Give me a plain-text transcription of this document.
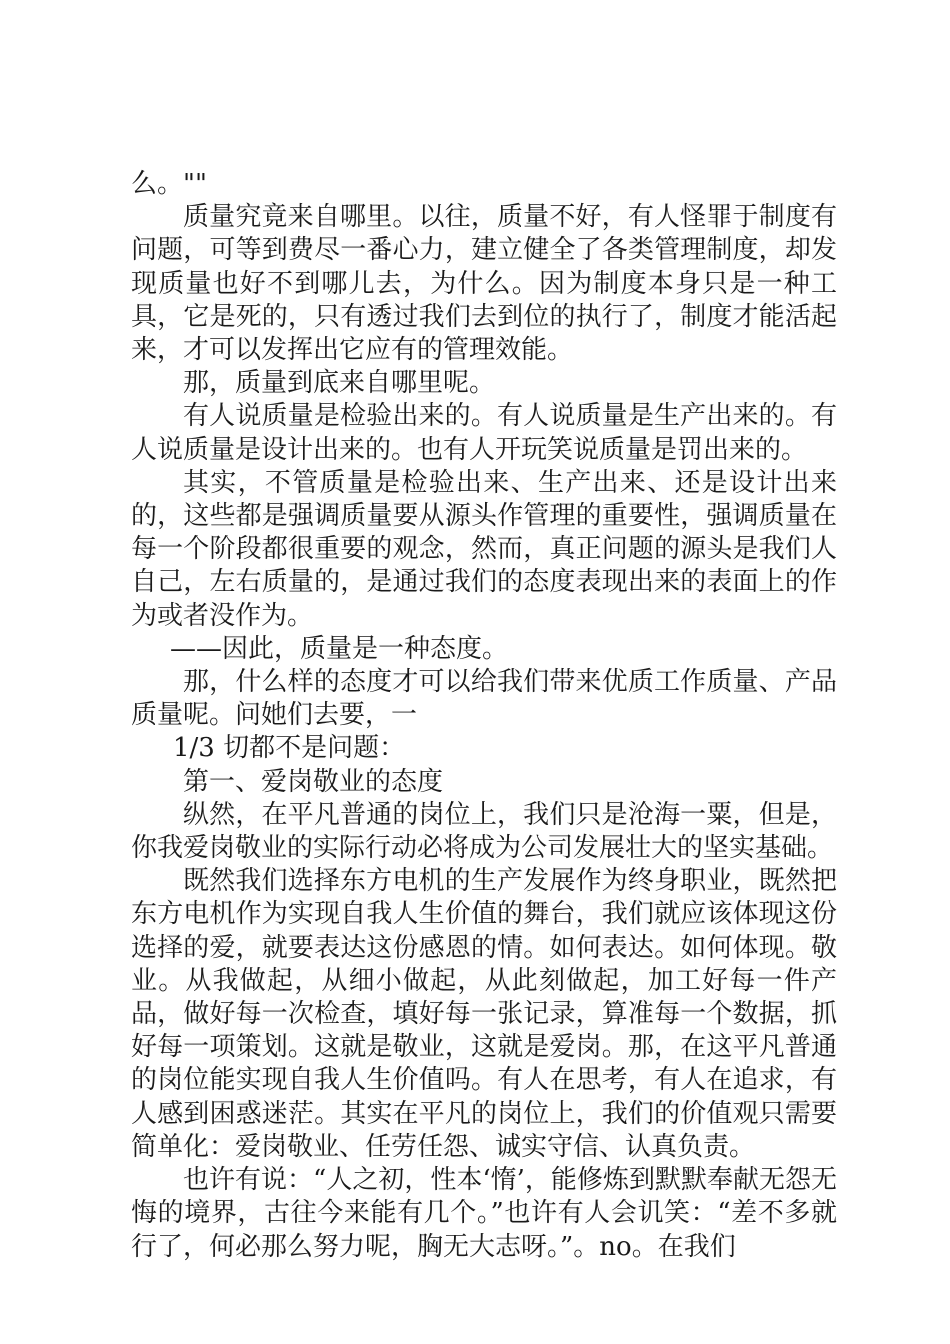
么。""

质量究竟来自哪里。以往，质量不好，有人怪罪于制度有问题，可等到费尽一番心力，建立健全了各类管理制度，却发现质量也好不到哪儿去，为什么。因为制度本身只是一种工具，它是死的，只有透过我们去到位的执行了，制度才能活起来，才可以发挥出它应有的管理效能。

那，质量到底来自哪里呢。

有人说质量是检验出来的。有人说质量是生产出来的。有人说质量是设计出来的。也有人开玩笑说质量是罚出来的。

其实，不管质量是检验出来、生产出来、还是设计出来的，这些都是强调质量要从源头作管理的重要性，强调质量在每一个阶段都很重要的观念，然而，真正问题的源头是我们人自己，左右质量的，是通过我们的态度表现出来的表面上的作为或者没作为。

——因此，质量是一种态度。

那，什么样的态度才可以给我们带来优质工作质量、产品质量呢。问她们去要，一

1/3 切都不是问题：

第一、爱岗敬业的态度

纵然，在平凡普通的岗位上，我们只是沧海一粟，但是，你我爱岗敬业的实际行动必将成为公司发展壮大的坚实基础。

既然我们选择东方电机的生产发展作为终身职业，既然把东方电机作为实现自我人生价值的舞台，我们就应该体现这份选择的爱，就要表达这份感恩的情。如何表达。如何体现。敬业。从我做起，从细小做起，从此刻做起，加工好每一件产品，做好每一次检查，填好每一张记录，算准每一个数据，抓好每一项策划。这就是敬业，这就是爱岗。那，在这平凡普通的岗位能实现自我人生价值吗。有人在思考，有人在追求，有人感到困惑迷茫。其实在平凡的岗位上，我们的价值观只需要简单化：爱岗敬业、任劳任怨、诚实守信、认真负责。

也许有说：“人之初，性本‘惰’，能修炼到默默奉献无怨无悔的境界，古往今来能有几个。”也许有人会讥笑：“差不多就行了，何必那么努力呢，胸无大志呀。”。no。在我们
